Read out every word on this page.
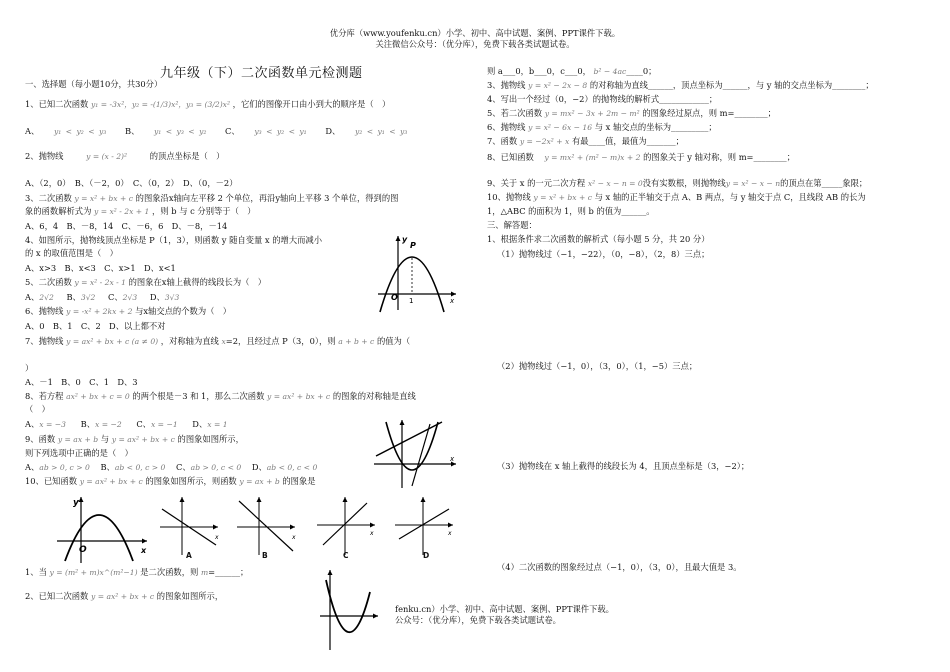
优分库（www.youfenku.cn）小学、初中、高中试题、案例、PPT课件下载。
关注微信公众号：（优分库），免费下载各类试题试卷。
九年级（下）二次函数单元检测题
一、选择题（每小题10分，共30分）
1、已知二次函数 y₁ = -3x²，y₂ = -(1/3)x²，y₃ = (3/2)x² ，它们的图像开口由小到大的顺序是（　）
A、 y₁ < y₂ < y₃ B、 y₁ < y₃ < y₂ C、 y₃ < y₂ < y₁ D、 y₂ < y₁ < y₃
2、抛物线	y = (x - 2)²	的顶点坐标是（　）
A、（2，0）　B、（－2，0）　C、（0，2）　D、（0，－2）
3、二次函数 y = x² + bx + c 的图象沿x轴向左平移 2 个单位，再沿y轴向上平移 3 个单位，得到的图
象的函数解析式为 y = x² - 2x + 1 ，则 b 与 c 分别等于（　）
A、6，4　B、－8，14　C、－6，6　D、－8，－14
4、如图所示，抛物线顶点坐标是 P（1，3），则函数 y 随自变量 x 的增大而减小
的 x 的取值范围是（　）
A、x>3　B、x<3　C、x>1　D、x<1
5、二次函数 y = x² - 2x - 1 的图象在x轴上截得的线段长为（　）
A、2√2 B、3√2 C、2√3 D、3√3
6、抛物线 y = -x² + 2kx + 2 与x轴交点的个数为（　）
A、0　B、1　C、2　D、以上都不对
7、抛物线 y = ax² + bx + c (a ≠ 0) ，对称轴为直线 x=2，且经过点 P（3，0），则 a + b + c 的值为（
）
A、－1　B、0　C、1　D、3
8、若方程 ax² + bx + c = 0 的两个根是－3 和 1，那么二次函数 y = ax² + bx + c 的图象的对称轴是直线
（　）
A、x = −3 B、x = −2 C、x = −1 D、x = 1
9、函数 y = ax + b 与 y = ax² + bx + c 的图象如图所示，
则下列选项中正确的是（　）
A、ab > 0, c > 0 B、ab < 0, c > 0 C、ab > 0, c < 0 D、ab < 0, c < 0
10、已知函数 y = ax² + bx + c 的图象如图所示，则函数 y = ax + b 的图象是
O 1
P
y
x
x
y
O	x
x	x
x	x
A	B	C	D
1、当 y = (m² + m)x^(m²−1) 是二次函数，则 m=______；
2、已知二次函数 y = ax² + bx + c 的图象如图所示，
则 a___0，b___0，c___0， b² − 4ac____0；
3、抛物线 y = x² − 2x − 8 的对称轴为直线______，顶点坐标为______，与 y 轴的交点坐标为________；
4、写出一个经过（0，−2）的抛物线的解析式____________；
5、若二次函数 y = mx² − 3x + 2m − m² 的图象经过原点，则 m=________；
6、抛物线 y = x² − 6x − 16 与 x 轴交点的坐标为_________；
7、函数 y = −2x² + x 有最____值，最值为_______；
8、已知函数 y = mx² + (m² − m)x + 2 的图象关于 y 轴对称，则 m=________；
9、关于 x 的一元二次方程 x² − x − n = 0没有实数根，则抛物线y = x² − x − n的顶点在第_____象限；
10、抛物线 y = x² + bx + c 与 x 轴的正半轴交于点 A、B 两点，与 y 轴交于点 C，且线段 AB 的长为
1，△ABC 的面积为 1，则 b 的值为______。
三、解答题：
1、根据条件求二次函数的解析式（每小题 5 分，共 20 分）
（1）抛物线过（−1，−22），（0，−8），（2，8）三点；
（2）抛物线过（−1，0），（3，0），（1，−5）三点；
（3）抛物线在 x 轴上截得的线段长为 4，且顶点坐标是（3，−2）；
（4）二次函数的图象经过点（−1，0），（3，0），且最大值是 3。
fenku.cn）小学、初中、高中试题、案例、PPT课件下载。
公众号：（优分库），免费下载各类试题试卷。
